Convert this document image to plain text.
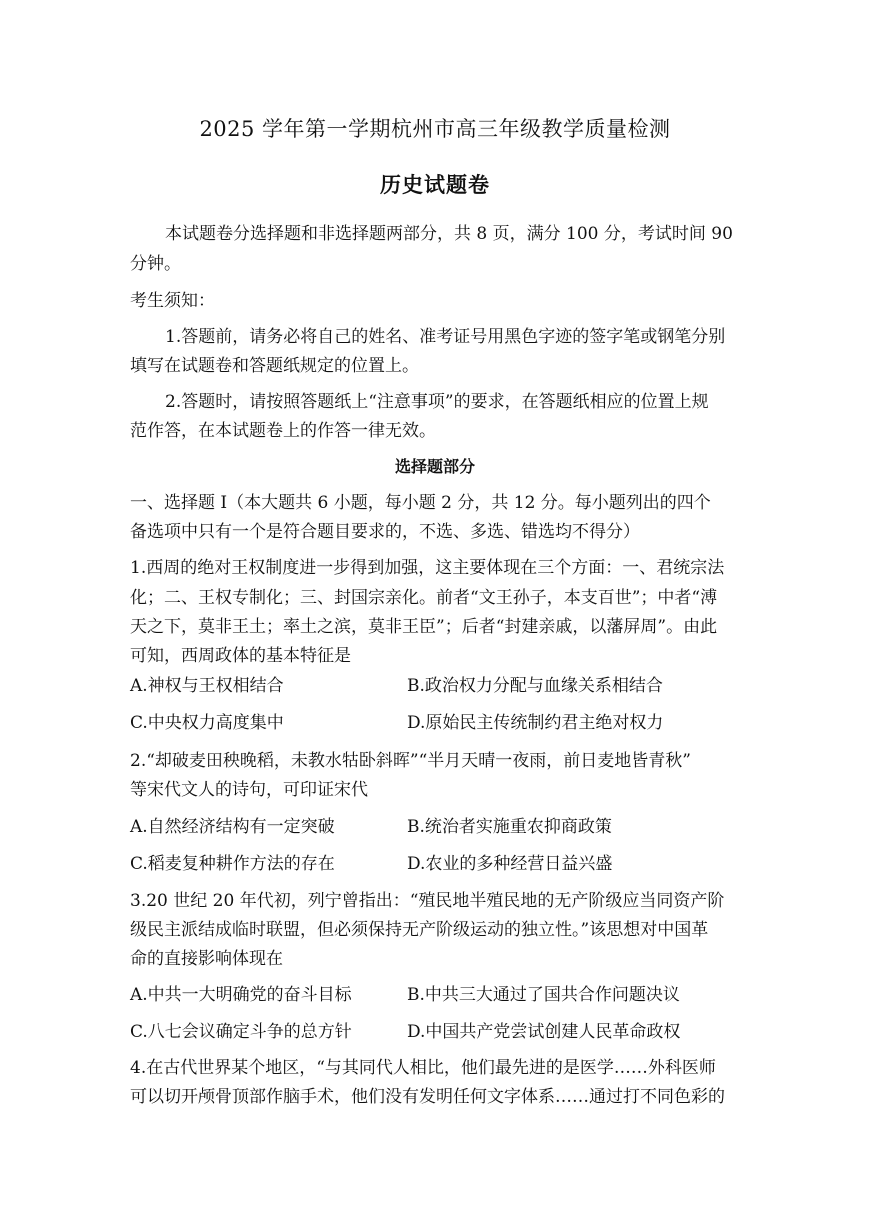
2025 学年第一学期杭州市高三年级教学质量检测
历史试题卷
本试题卷分选择题和非选择题两部分，共 8 页，满分 100 分，考试时间 90
分钟。
考生须知：
1.答题前，请务必将自己的姓名、准考证号用黑色字迹的签字笔或钢笔分别
填写在试题卷和答题纸规定的位置上。
2.答题时，请按照答题纸上“注意事项”的要求，在答题纸相应的位置上规
范作答，在本试题卷上的作答一律无效。
选择题部分
一、选择题 I（本大题共 6 小题，每小题 2 分，共 12 分。每小题列出的四个
备选项中只有一个是符合题目要求的，不选、多选、错选均不得分）
1.西周的绝对王权制度进一步得到加强，这主要体现在三个方面：一、君统宗法
化；二、王权专制化；三、封国宗亲化。前者“文王孙子，本支百世”；中者“溥
天之下，莫非王土；率土之滨，莫非王臣”；后者“封建亲戚，以藩屏周”。由此
可知，西周政体的基本特征是
A.神权与王权相结合	B.政治权力分配与血缘关系相结合
C.中央权力高度集中	D.原始民主传统制约君主绝对权力
2.“却破麦田秧晚稻，未教水牯卧斜晖”“半月天晴一夜雨，前日麦地皆青秋”
等宋代文人的诗句，可印证宋代
A.自然经济结构有一定突破	B.统治者实施重农抑商政策
C.稻麦复种耕作方法的存在	D.农业的多种经营日益兴盛
3.20 世纪 20 年代初，列宁曾指出：“殖民地半殖民地的无产阶级应当同资产阶
级民主派结成临时联盟，但必须保持无产阶级运动的独立性。”该思想对中国革
命的直接影响体现在
A.中共一大明确党的奋斗目标	B.中共三大通过了国共合作问题决议
C.八七会议确定斗争的总方针	D.中国共产党尝试创建人民革命政权
4.在古代世界某个地区，“与其同代人相比，他们最先进的是医学……外科医师
可以切开颅骨顶部作脑手术，他们没有发明任何文字体系……通过打不同色彩的
